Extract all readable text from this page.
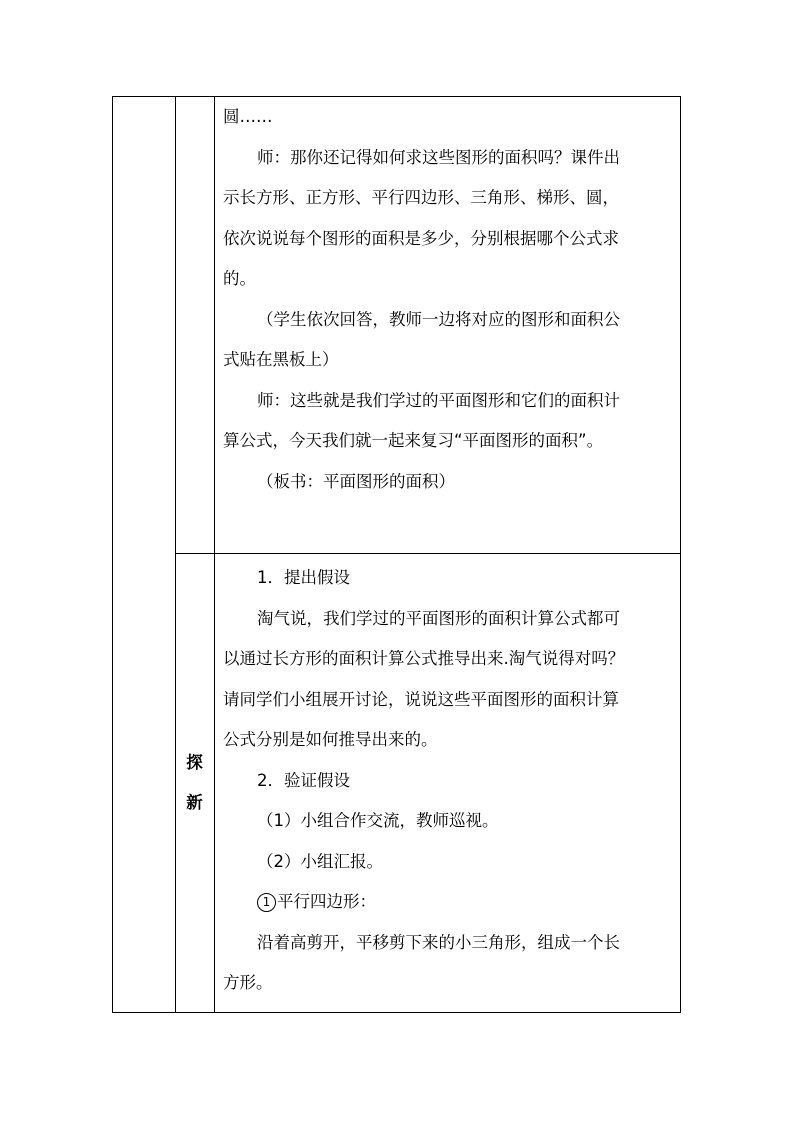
圆……

师：那你还记得如何求这些图形的面积吗？课件出

示长方形、正方形、平行四边形、三角形、梯形、圆，

依次说说每个图形的面积是多少，分别根据哪个公式求

的。

（学生依次回答，教师一边将对应的图形和面积公

式贴在黑板上）

师：这些就是我们学过的平面图形和它们的面积计

算公式，今天我们就一起来复习“平面图形的面积”。

（板书：平面图形的面积）

探
新

1．提出假设

淘气说，我们学过的平面图形的面积计算公式都可

以通过长方形的面积计算公式推导出来.淘气说得对吗？

请同学们小组展开讨论，说说这些平面图形的面积计算

公式分别是如何推导出来的。

2．验证假设

（1）小组合作交流，教师巡视。

（2）小组汇报。

1 平行四边形：

沿着高剪开，平移剪下来的小三角形，组成一个长

方形。
